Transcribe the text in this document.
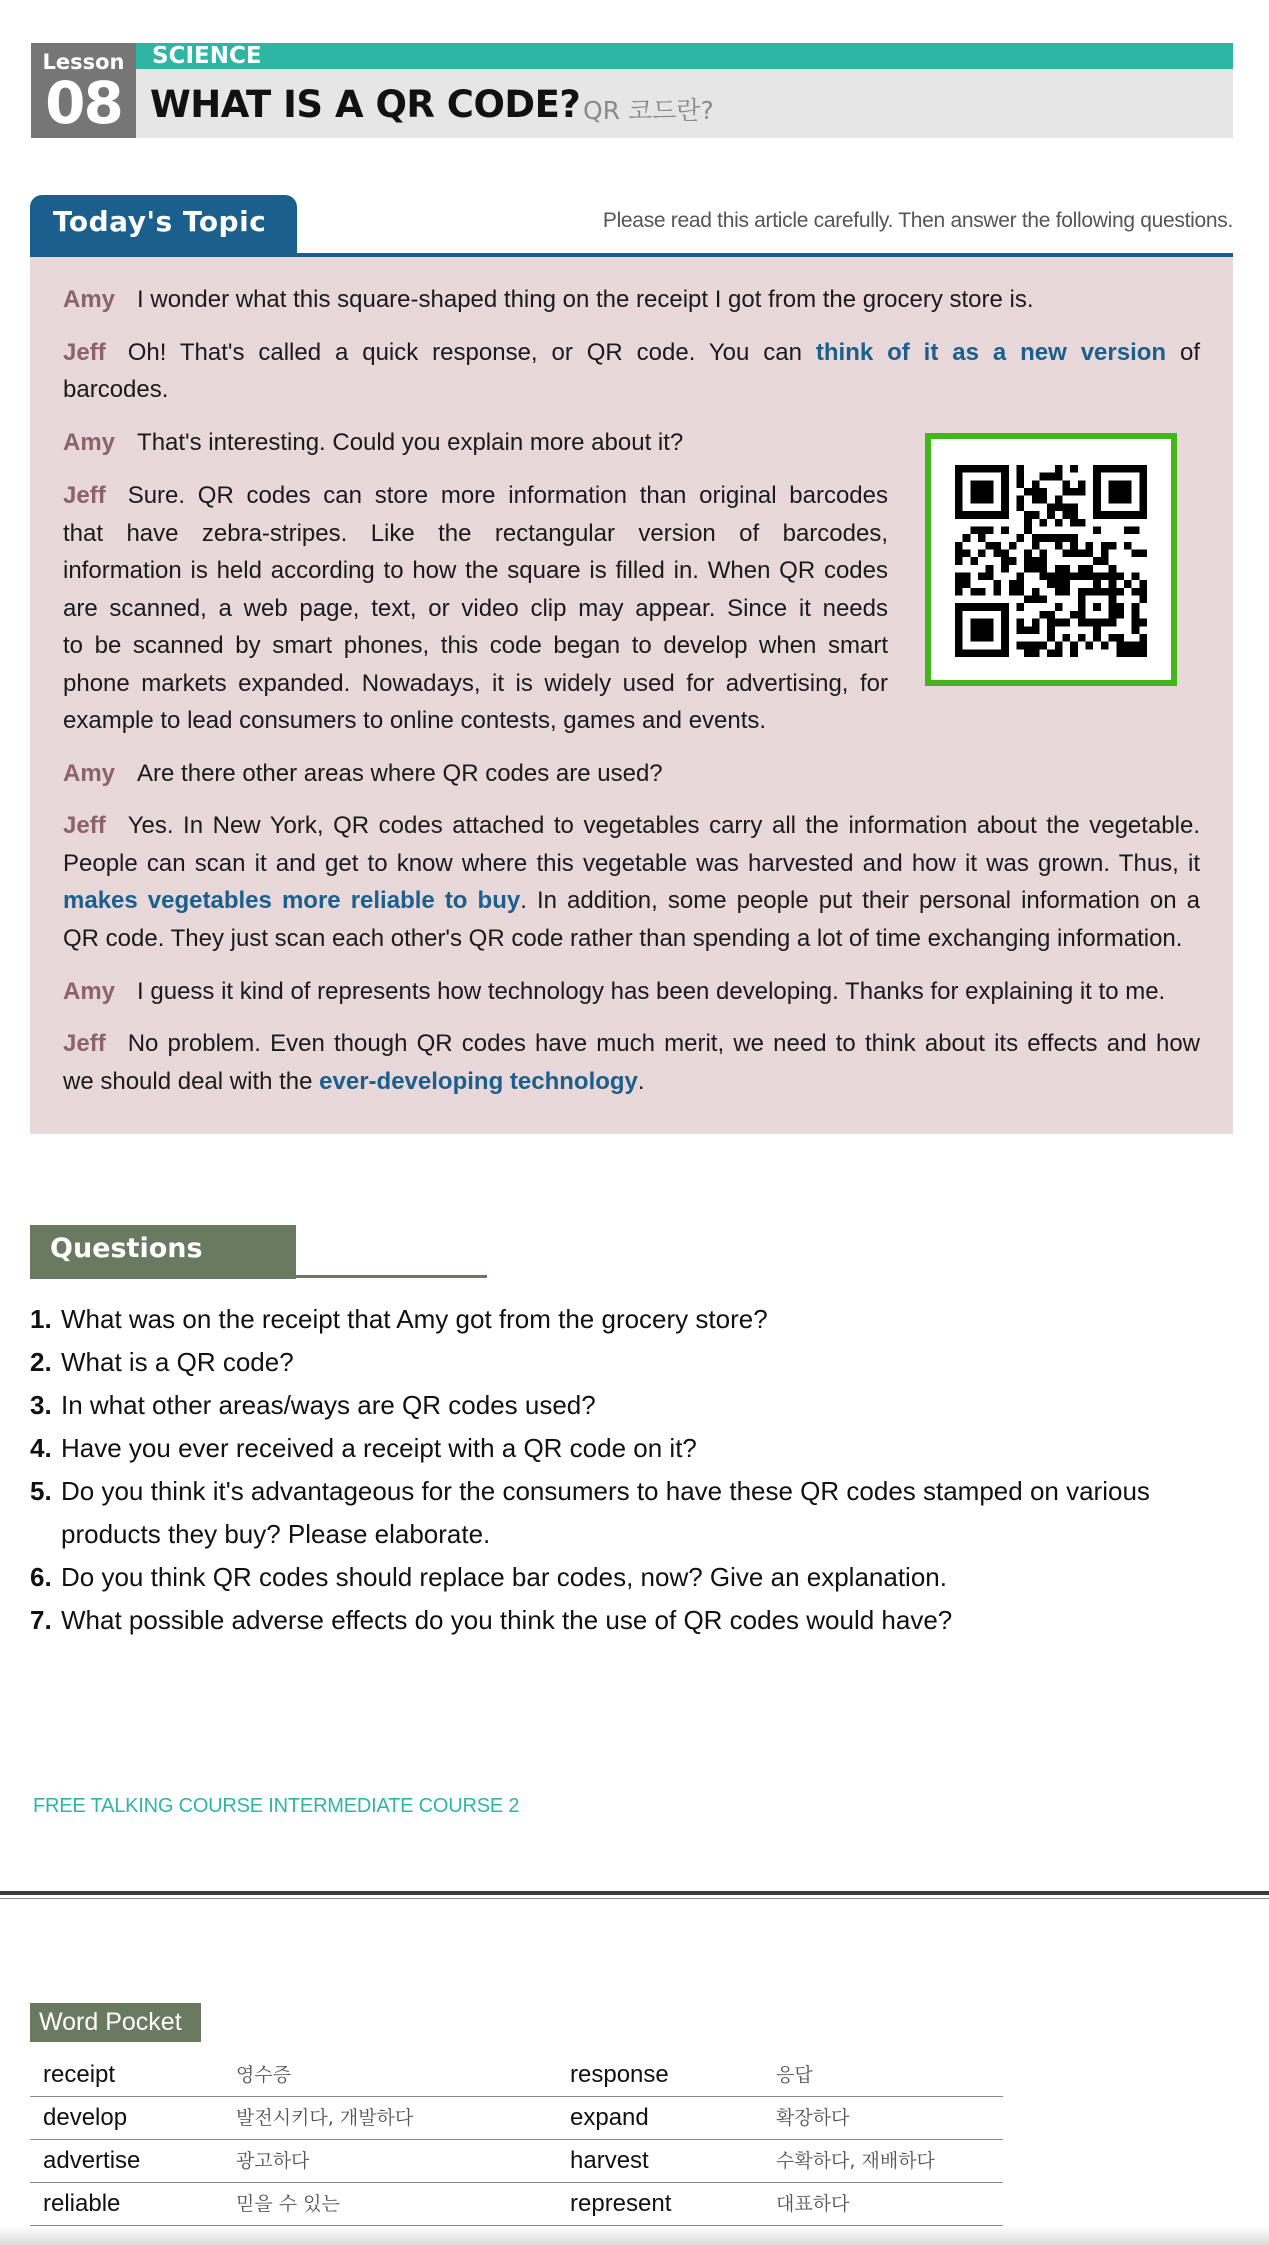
Lesson
08
SCIENCE
WHAT IS A QR CODE? QR 코드란?
Today's Topic	Please read this article carefully. Then answer the following questions.
Amy I wonder what this square-shaped thing on the receipt I got from the grocery store is.
Jeff Oh! That's called a quick response, or QR code. You can think of it as a new version of
barcodes.
Amy That's interesting. Could you explain more about it?
Jeff Sure. QR codes can store more information than original barcodes
that have zebra-stripes. Like the rectangular version of barcodes,
information is held according to how the square is filled in. When QR codes
are scanned, a web page, text, or video clip may appear. Since it needs
to be scanned by smart phones, this code began to develop when smart
phone markets expanded. Nowadays, it is widely used for advertising, for
example to lead consumers to online contests, games and events.
Amy Are there other areas where QR codes are used?
Jeff Yes. In New York, QR codes attached to vegetables carry all the information about the vegetable.
People can scan it and get to know where this vegetable was harvested and how it was grown. Thus, it
makes vegetables more reliable to buy. In addition, some people put their personal information on a
QR code. They just scan each other's QR code rather than spending a lot of time exchanging information.
Amy I guess it kind of represents how technology has been developing. Thanks for explaining it to me.
Jeff No problem. Even though QR codes have much merit, we need to think about its effects and how
we should deal with the ever-developing technology.
Questions
1. What was on the receipt that Amy got from the grocery store?
2. What is a QR code?
3. In what other areas/ways are QR codes used?
4. Have you ever received a receipt with a QR code on it?
5. Do you think it's advantageous for the consumers to have these QR codes stamped on various products they buy? Please elaborate.
6. Do you think QR codes should replace bar codes, now? Give an explanation.
7. What possible adverse effects do you think the use of QR codes would have?
FREE TALKING COURSE INTERMEDIATE COURSE 2
Word Pocket
receipt	영수증	response	응답
develop	발전시키다, 개발하다	expand	확장하다
advertise	광고하다	harvest	수확하다, 재배하다
reliable	믿을 수 있는	represent	대표하다
